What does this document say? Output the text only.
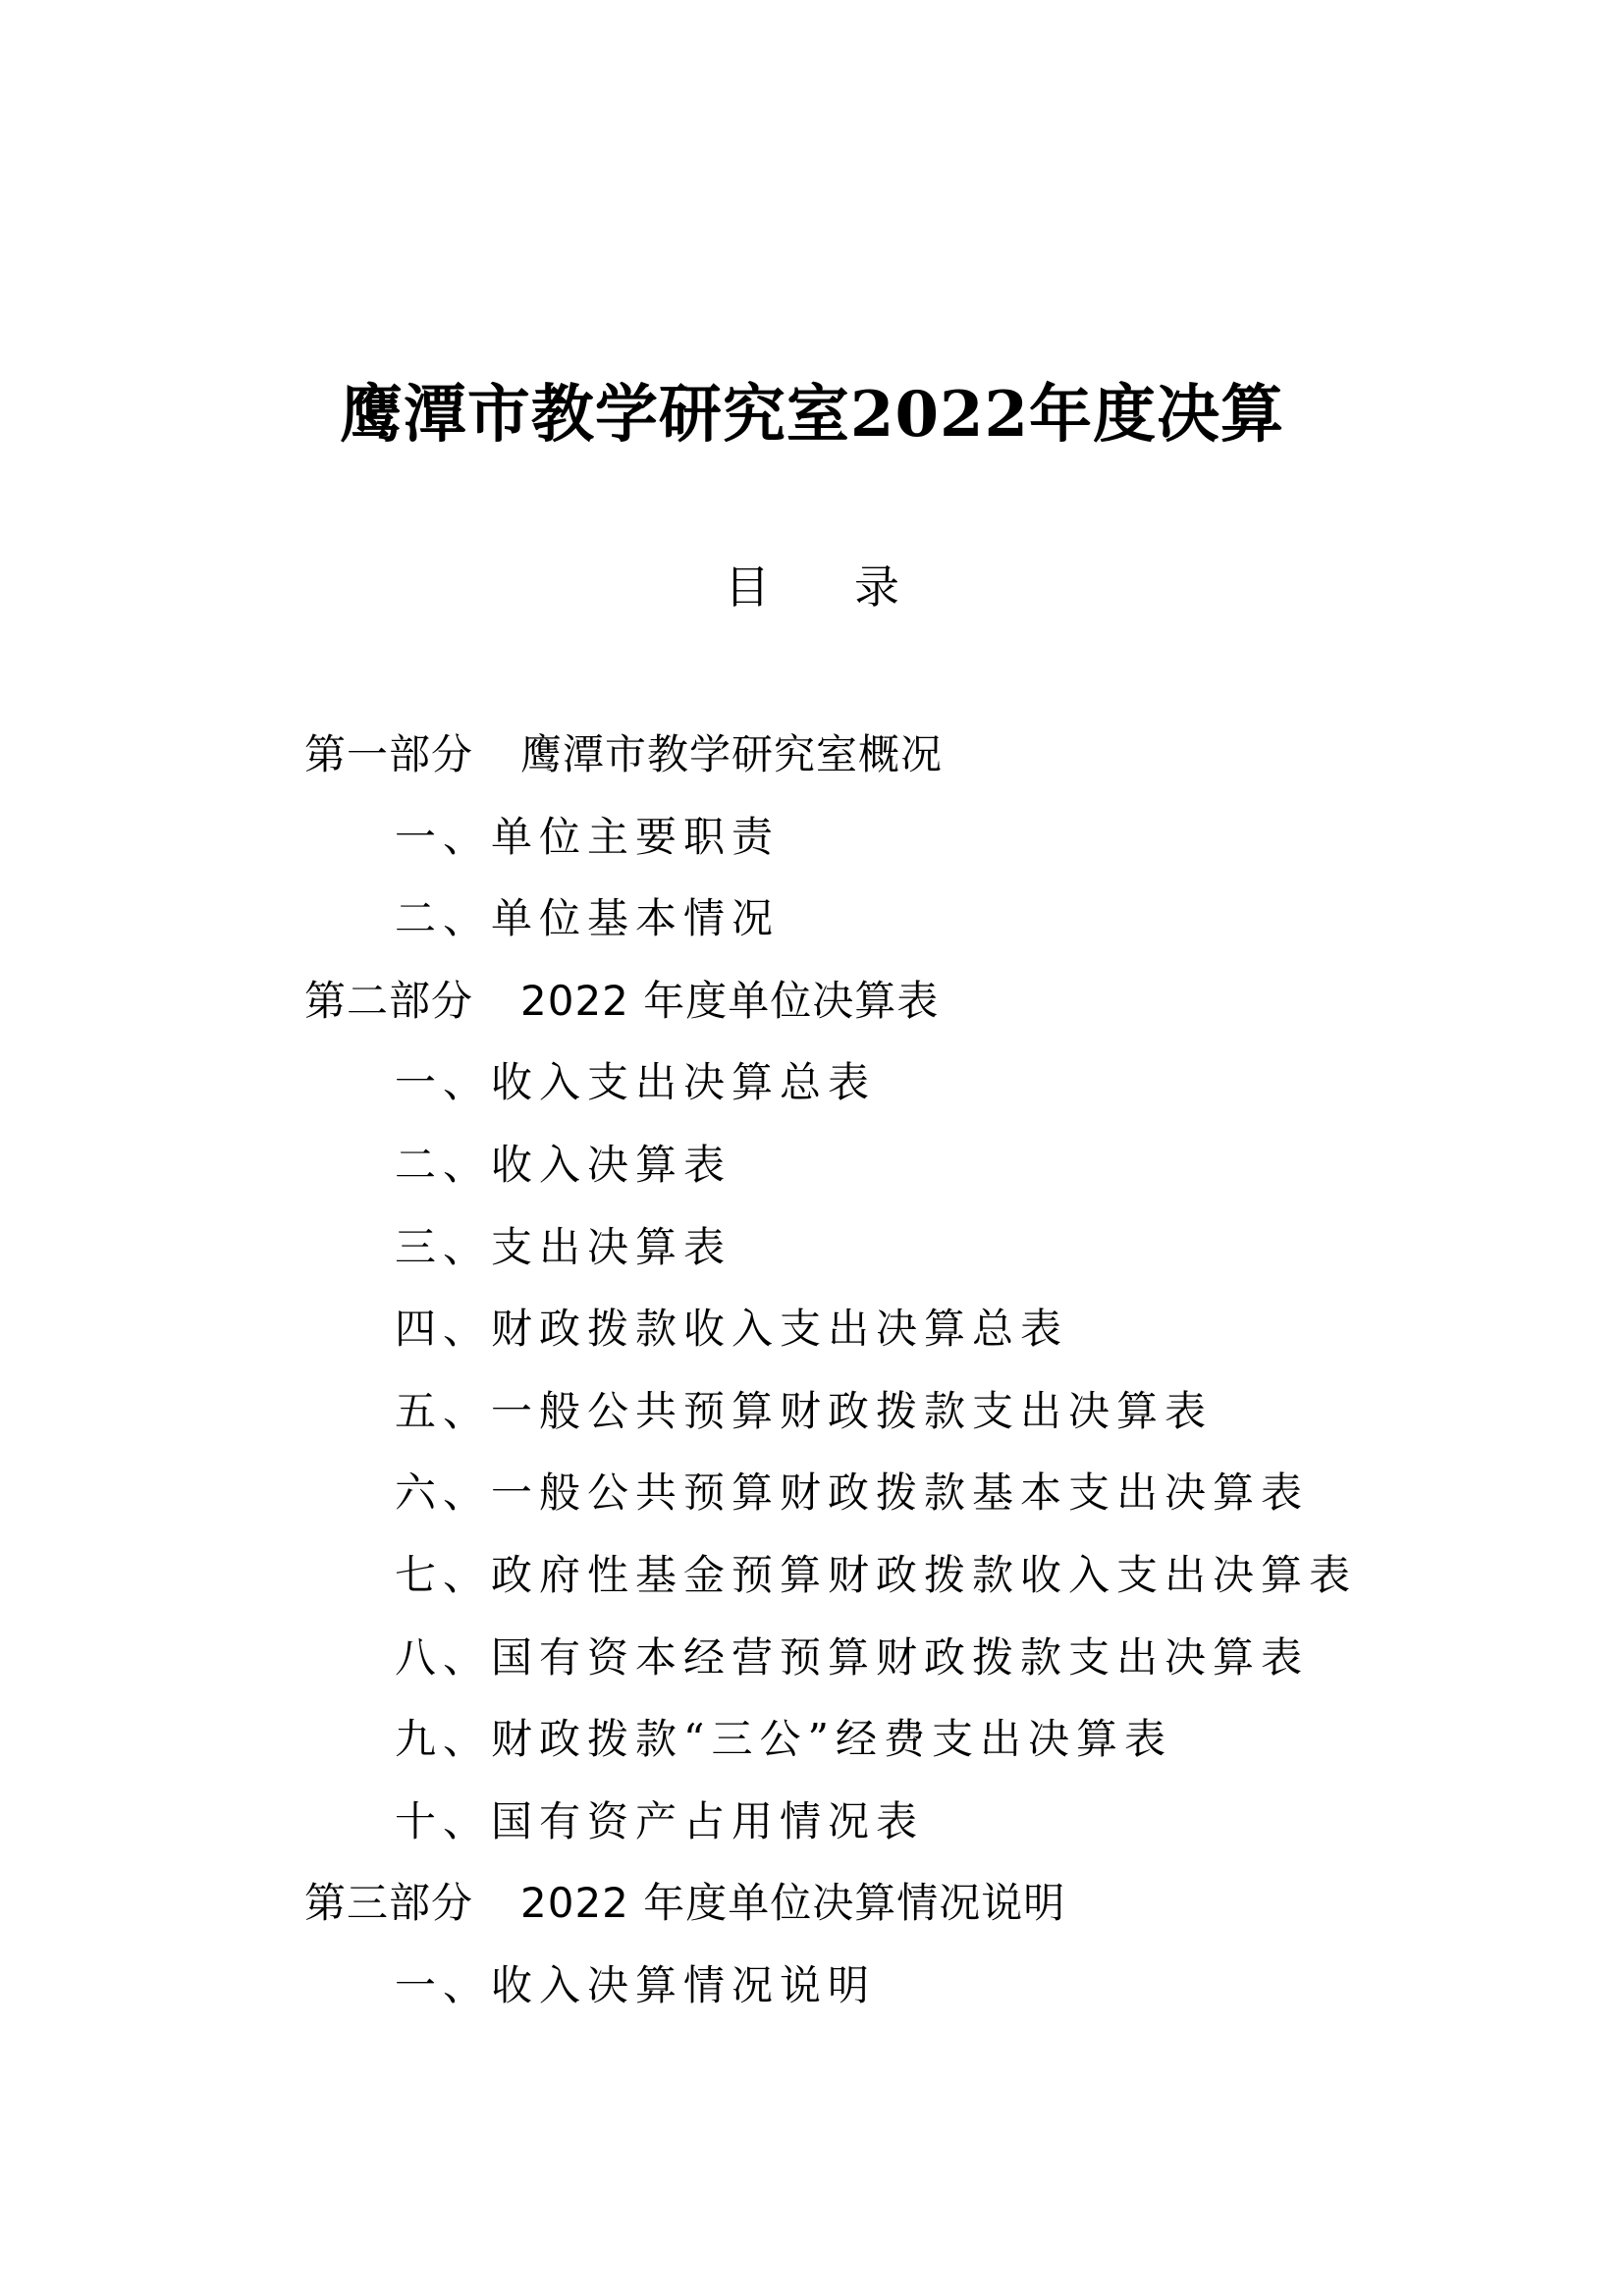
鹰潭市教学研究室2022年度决算
目录
第一部分 鹰潭市教学研究室概况
一、单位主要职责
二、单位基本情况
第二部分 2022 年度单位决算表
一、收入支出决算总表
二、收入决算表
三、支出决算表
四、财政拨款收入支出决算总表
五、一般公共预算财政拨款支出决算表
六、一般公共预算财政拨款基本支出决算表
七、政府性基金预算财政拨款收入支出决算表
八、国有资本经营预算财政拨款支出决算表
九、财政拨款“三公”经费支出决算表
十、国有资产占用情况表
第三部分 2022 年度单位决算情况说明
一、收入决算情况说明
